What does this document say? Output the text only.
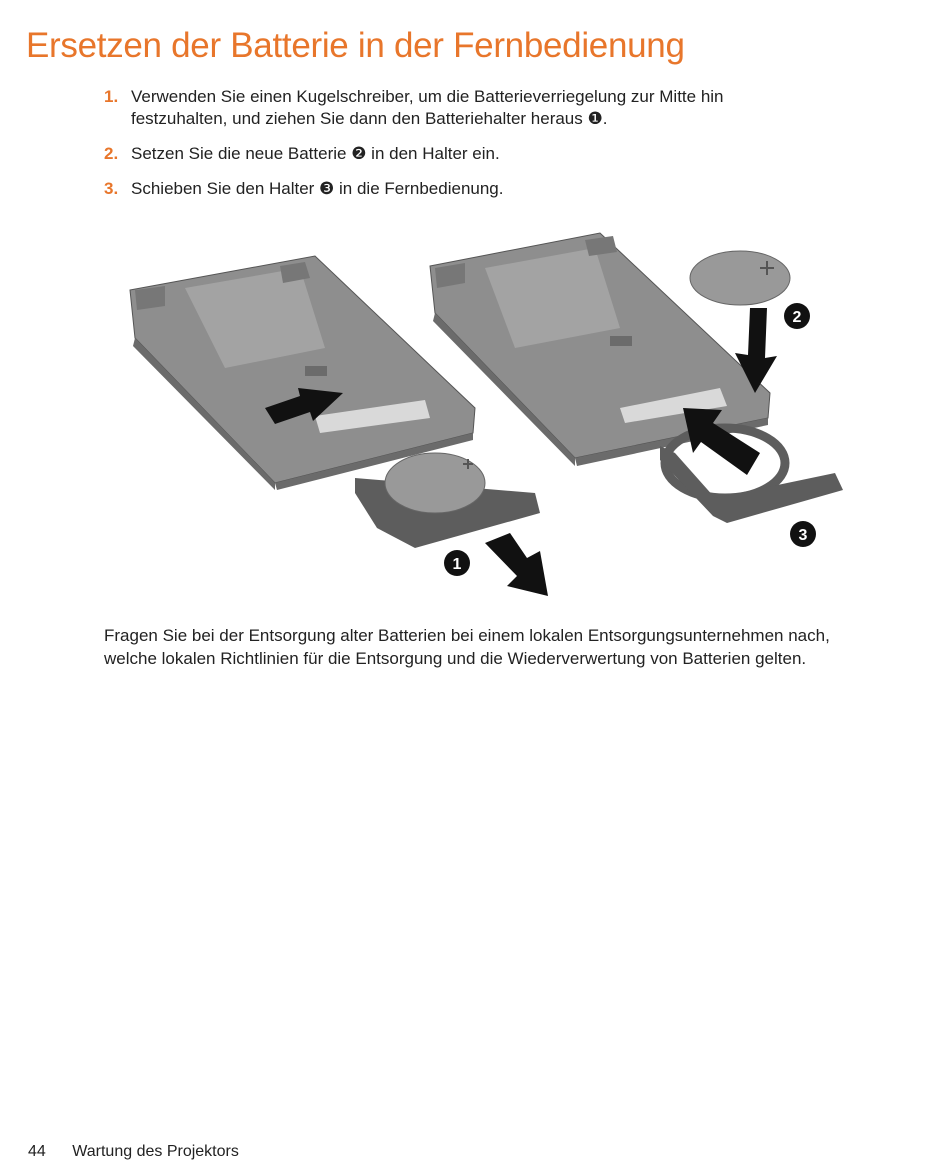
Ersetzen der Batterie in der Fernbedienung
1. Verwenden Sie einen Kugelschreiber, um die Batterieverriegelung zur Mitte hin festzuhalten, und ziehen Sie dann den Batteriehalter heraus ❶.
2. Setzen Sie die neue Batterie ❷ in den Halter ein.
3. Schieben Sie den Halter ❸ in die Fernbedienung.
1
2
3

Fragen Sie bei der Entsorgung alter Batterien bei einem lokalen Entsorgungsunternehmen nach, welche lokalen Richtlinien für die Entsorgung und die Wiederverwertung von Batterien gelten.

44 Wartung des Projektors
